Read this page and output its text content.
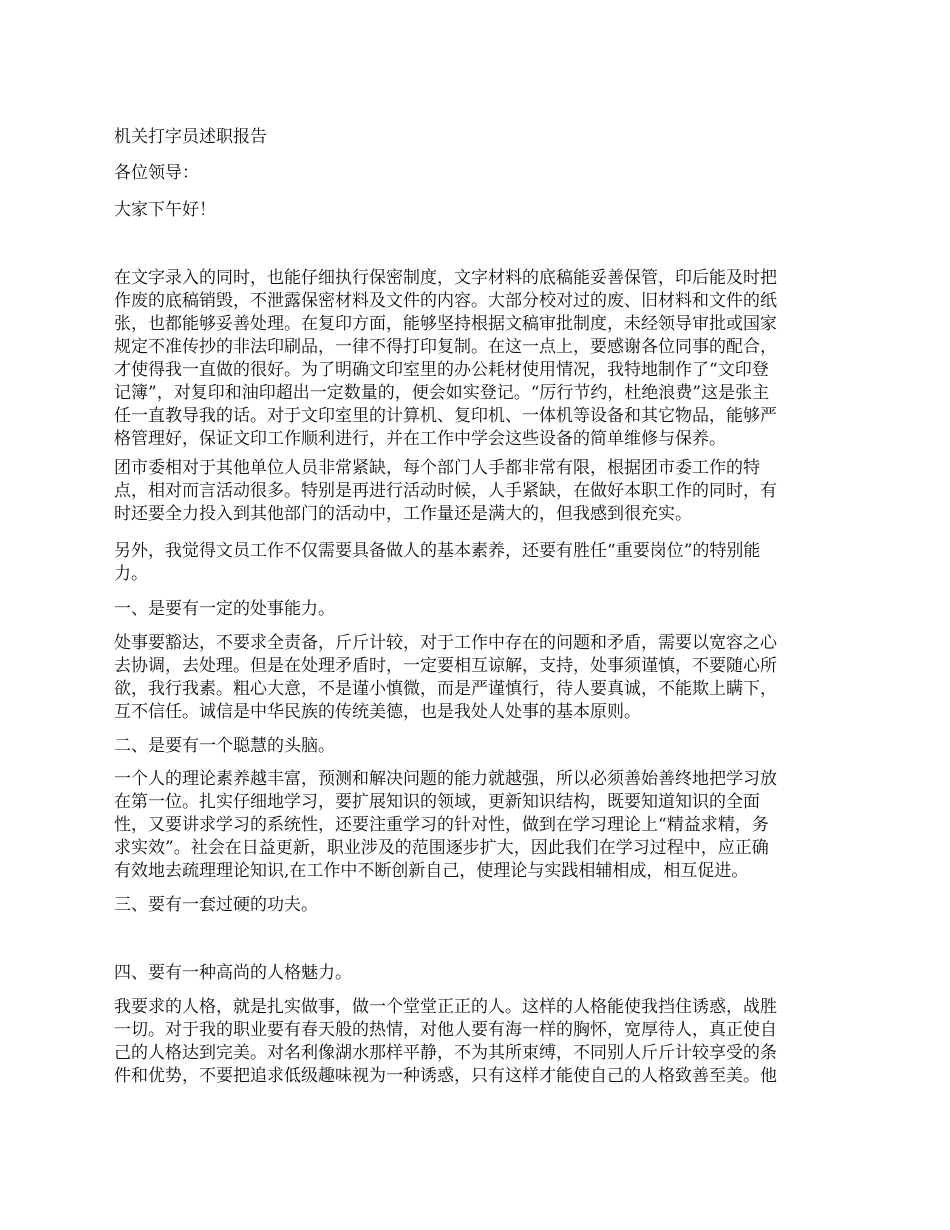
机关打字员述职报告

各位领导：

大家下午好！

在文字录入的同时，也能仔细执行保密制度，文字材料的底稿能妥善保管，印后能及时把
作废的底稿销毁，不泄露保密材料及文件的内容。大部分校对过的废、旧材料和文件的纸
张，也都能够妥善处理。在复印方面，能够坚持根据文稿审批制度，未经领导审批或国家
规定不准传抄的非法印刷品，一律不得打印复制。在这一点上，要感谢各位同事的配合，
才使得我一直做的很好。为了明确文印室里的办公耗材使用情况，我特地制作了“文印登
记簿”，对复印和油印超出一定数量的，便会如实登记。“厉行节约，杜绝浪费”这是张主
任一直教导我的话。对于文印室里的计算机、复印机、一体机等设备和其它物品，能够严
格管理好，保证文印工作顺利进行，并在工作中学会这些设备的简单维修与保养。
团市委相对于其他单位人员非常紧缺，每个部门人手都非常有限，根据团市委工作的特
点，相对而言活动很多。特别是再进行活动时候，人手紧缺，在做好本职工作的同时，有
时还要全力投入到其他部门的活动中，工作量还是满大的，但我感到很充实。
另外，我觉得文员工作不仅需要具备做人的基本素养，还要有胜任“重要岗位”的特别能
力。
一、是要有一定的处事能力。
处事要豁达，不要求全责备，斤斤计较，对于工作中存在的问题和矛盾，需要以宽容之心
去协调，去处理。但是在处理矛盾时，一定要相互谅解，支持，处事须谨慎，不要随心所
欲，我行我素。粗心大意，不是谨小慎微，而是严谨慎行，待人要真诚，不能欺上瞒下，
互不信任。诚信是中华民族的传统美德，也是我处人处事的基本原则。
二、是要有一个聪慧的头脑。
一个人的理论素养越丰富，预测和解决问题的能力就越强，所以必须善始善终地把学习放
在第一位。扎实仔细地学习，要扩展知识的领域，更新知识结构，既要知道知识的全面
性，又要讲求学习的系统性，还要注重学习的针对性，做到在学习理论上“精益求精，务
求实效”。社会在日益更新，职业涉及的范围逐步扩大，因此我们在学习过程中，应正确
有效地去疏理理论知识,在工作中不断创新自己，使理论与实践相辅相成，相互促进。
三、要有一套过硬的功夫。
四、要有一种高尚的人格魅力。
我要求的人格，就是扎实做事，做一个堂堂正正的人。这样的人格能使我挡住诱惑，战胜
一切。对于我的职业要有春天般的热情，对他人要有海一样的胸怀，宽厚待人，真正使自
己的人格达到完美。对名利像湖水那样平静，不为其所束缚，不同别人斤斤计较享受的条
件和优势，不要把追求低级趣味视为一种诱惑，只有这样才能使自己的人格致善至美。他
